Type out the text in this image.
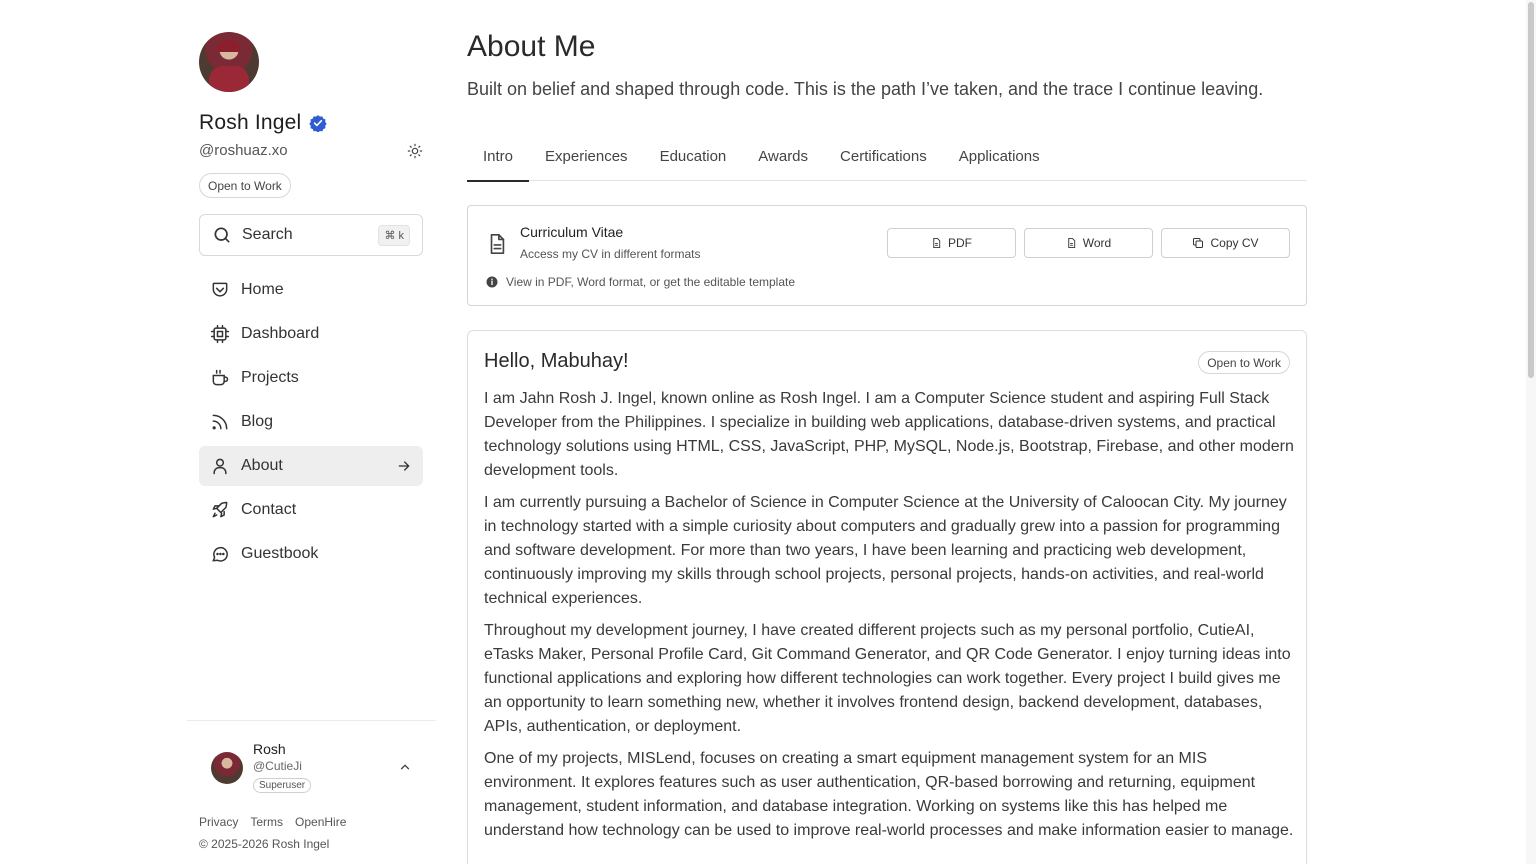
Rosh Ingel
@roshuaz.xo
Open to Work
Search	⌘ k
Home
Dashboard
Projects
Blog
About
Contact
Guestbook
Rosh
@CutieJi
Superuser
Privacy Terms OpenHire
© 2025-2026 Rosh Ingel
About Me
Built on belief and shaped through code. This is the path I’ve taken, and the trace I continue leaving.
Intro	Experiences	Education	Awards	Certifications	Applications
Curriculum Vitae
Access my CV in different formats
PDF	Word	Copy CV
View in PDF, Word format, or get the editable template
Hello, Mabuhay!	Open to Work

I am Jahn Rosh J. Ingel, known online as Rosh Ingel. I am a Computer Science student and aspiring Full Stack Developer from the Philippines. I specialize in building web applications, database-driven systems, and practical technology solutions using HTML, CSS, JavaScript, PHP, MySQL, Node.js, Bootstrap, Firebase, and other modern development tools.

I am currently pursuing a Bachelor of Science in Computer Science at the University of Caloocan City. My journey in technology started with a simple curiosity about computers and gradually grew into a passion for programming and software development. For more than two years, I have been learning and practicing web development, continuously improving my skills through school projects, personal projects, hands-on activities, and real-world technical experiences.

Throughout my development journey, I have created different projects such as my personal portfolio, CutieAI, eTasks Maker, Personal Profile Card, Git Command Generator, and QR Code Generator. I enjoy turning ideas into functional applications and exploring how different technologies can work together. Every project I build gives me an opportunity to learn something new, whether it involves frontend design, backend development, databases, APIs, authentication, or deployment.

One of my projects, MISLend, focuses on creating a smart equipment management system for an MIS environment. It explores features such as user authentication, QR-based borrowing and returning, equipment management, student information, and database integration. Working on systems like this has helped me understand how technology can be used to improve real-world processes and make information easier to manage.
